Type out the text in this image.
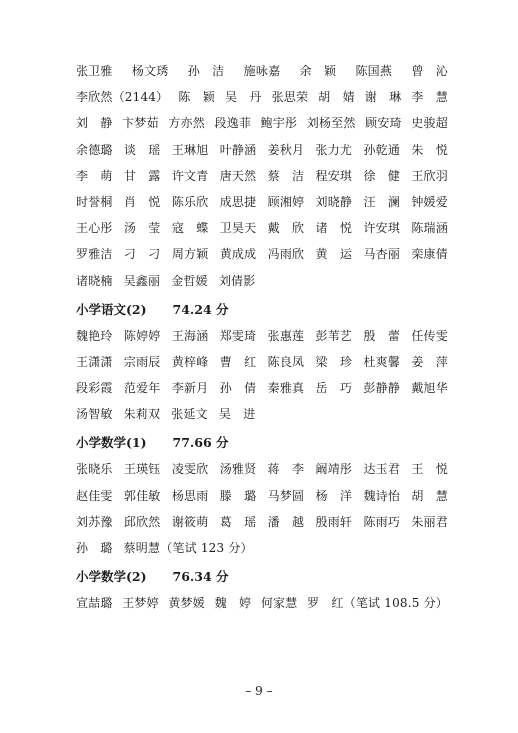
张卫雅 杨文琇 孙　洁 施咏嘉 余　颖 陈国燕 曾　沁
李欣然（2144） 陈　颖 吴　丹 张思荣 胡　婧 谢　琳 李　慧
刘　静 卞梦茹 方亦然 段逸菲 鲍宇彤 刘杨至然 顾安琦 史骏超
余德璐 谈　瑶 王琳旭 叶静涵 姜秋月 张力尤 孙乾通 朱　悦
李　萌 甘　露 许文青 唐天然 蔡　洁 程安琪 徐　健 王欣羽
时誉桐 肖　悦 陈乐欣 成思捷 顾湘婷 刘晓静 汪　澜 钟媛爱
王心彤 汤　莹 寇　蝶 卫昊天 戴　欣 诸　悦 许安琪 陈瑞涵
罗雅洁 刁　刁 周方颖 黄成成 冯雨欣 黄　运 马杏丽 栾康倩
诸晓楠 吴鑫丽 金哲媛 刘倩影
小学语文(2) 74.24 分
魏艳玲 陈婷婷 王海涵 郑雯琦 张惠莲 彭苇艺 殷　蕾 任传雯
王潇潇 宗雨辰 黄梓峰 曹　红 陈良凤 梁　珍 杜爽馨 姜　萍
段彩霞 范爱年 李新月 孙　倩 秦雅真 岳　巧 彭静静 戴旭华
汤智敏 朱莉双 张延文 吴　进
小学数学(1) 77.66 分
张晓乐 王瑛钰 凌雯欣 汤雅贤 蒋　李 阚靖彤 达玉君 王　悦
赵佳雯 郭佳敏 杨思雨 滕　璐 马梦圆 杨　洋 魏诗怡 胡　慧
刘苏豫 邱欣然 谢筱萌 葛　瑶 潘　越 殷雨轩 陈雨巧 朱丽君
孙　璐 蔡明慧（笔试 123 分）
小学数学(2) 76.34 分
宣喆璐 王梦婷 黄梦媛 魏　婷 何家慧 罗　红（笔试 108.5 分）
– 9 –
